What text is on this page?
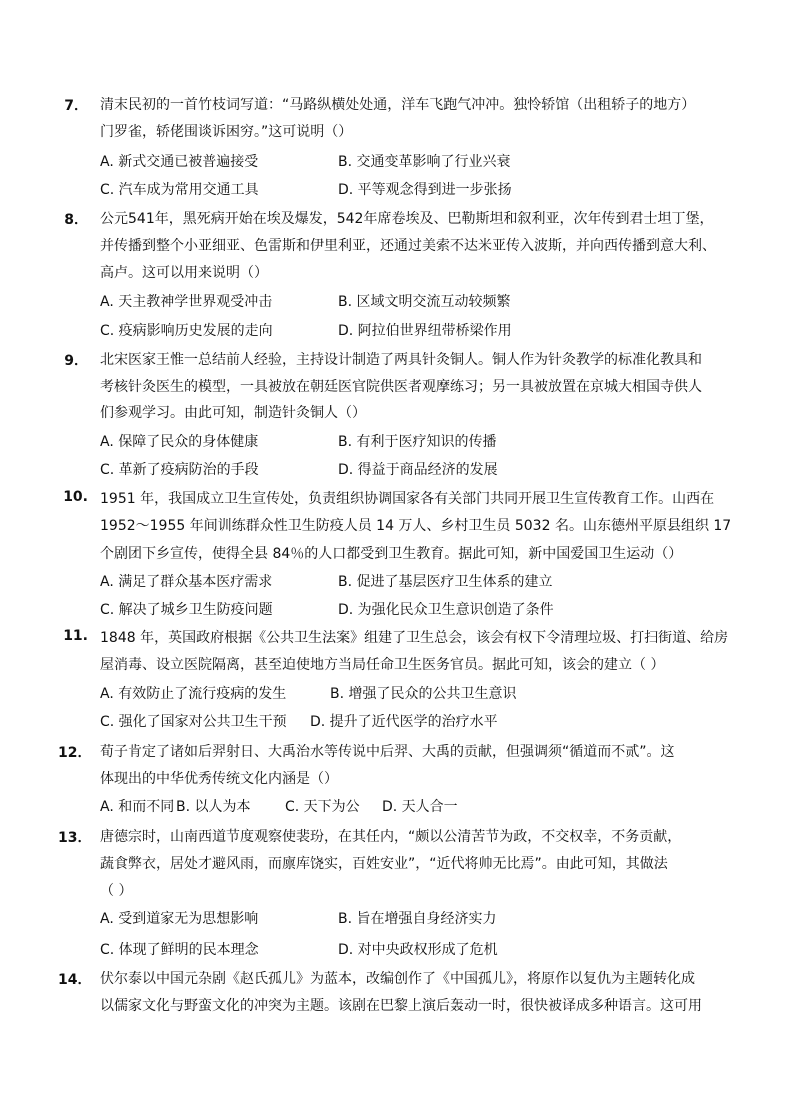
7． 清末民初的一首竹枝词写道：“马路纵横处处通，洋车飞跑气冲冲。独怜轿馆（出租轿子的地方）
门罗雀，轿佬围谈诉困穷。”这可说明（）
A. 新式交通已被普遍接受	B. 交通变革影响了行业兴衰
C. 汽车成为常用交通工具	D. 平等观念得到进一步张扬
8． 公元541年，黑死病开始在埃及爆发，542年席卷埃及、巴勒斯坦和叙利亚，次年传到君士坦丁堡，
并传播到整个小亚细亚、色雷斯和伊里利亚，还通过美索不达米亚传入波斯，并向西传播到意大利、
高卢。这可以用来说明（）
A. 天主教神学世界观受冲击	B. 区域文明交流互动较频繁
C. 疫病影响历史发展的走向	D. 阿拉伯世界纽带桥梁作用
9． 北宋医家王惟一总结前人经验，主持设计制造了两具针灸铜人。铜人作为针灸教学的标准化教具和
考核针灸医生的模型，一具被放在朝廷医官院供医者观摩练习；另一具被放置在京城大相国寺供人
们参观学习。由此可知，制造针灸铜人（）
A. 保障了民众的身体健康	B. 有利于医疗知识的传播
C. 革新了疫病防治的手段	D. 得益于商品经济的发展
10. 1951 年，我国成立卫生宣传处，负责组织协调国家各有关部门共同开展卫生宣传教育工作。山西在
1952～1955 年间训练群众性卫生防疫人员 14 万人、乡村卫生员 5032 名。山东德州平原县组织 17
个剧团下乡宣传，使得全县 84％的人口都受到卫生教育。据此可知，新中国爱国卫生运动（）
A. 满足了群众基本医疗需求	B. 促进了基层医疗卫生体系的建立
C. 解决了城乡卫生防疫问题	D. 为强化民众卫生意识创造了条件
11. 1848 年，英国政府根据《公共卫生法案》组建了卫生总会，该会有权下令清理垃圾、打扫街道、给房
屋消毒、设立医院隔离，甚至迫使地方当局任命卫生医务官员。据此可知，该会的建立（ ）
A. 有效防止了流行疫病的发生	B. 增强了民众的公共卫生意识
C. 强化了国家对公共卫生干预 D. 提升了近代医学的治疗水平
12． 荀子肯定了诸如后羿射日、大禹治水等传说中后羿、大禹的贡献，但强调须“循道而不贰”。这
体现出的中华优秀传统文化内涵是（）
A. 和而不同 B. 以人为本 C. 天下为公 D. 天人合一
13． 唐德宗时，山南西道节度观察使裴玢，在其任内，“颇以公清苦节为政，不交权幸，不务贡献，
蔬食弊衣，居处才避风雨，而廪库饶实，百姓安业”，“近代将帅无比焉”。由此可知，其做法
（ ）
A. 受到道家无为思想影响	B. 旨在增强自身经济实力
C. 体现了鲜明的民本理念	D. 对中央政权形成了危机
14． 伏尔泰以中国元杂剧《赵氏孤儿》为蓝本，改编创作了《中国孤儿》，将原作以复仇为主题转化成
以儒家文化与野蛮文化的冲突为主题。该剧在巴黎上演后轰动一时，很快被译成多种语言。这可用
